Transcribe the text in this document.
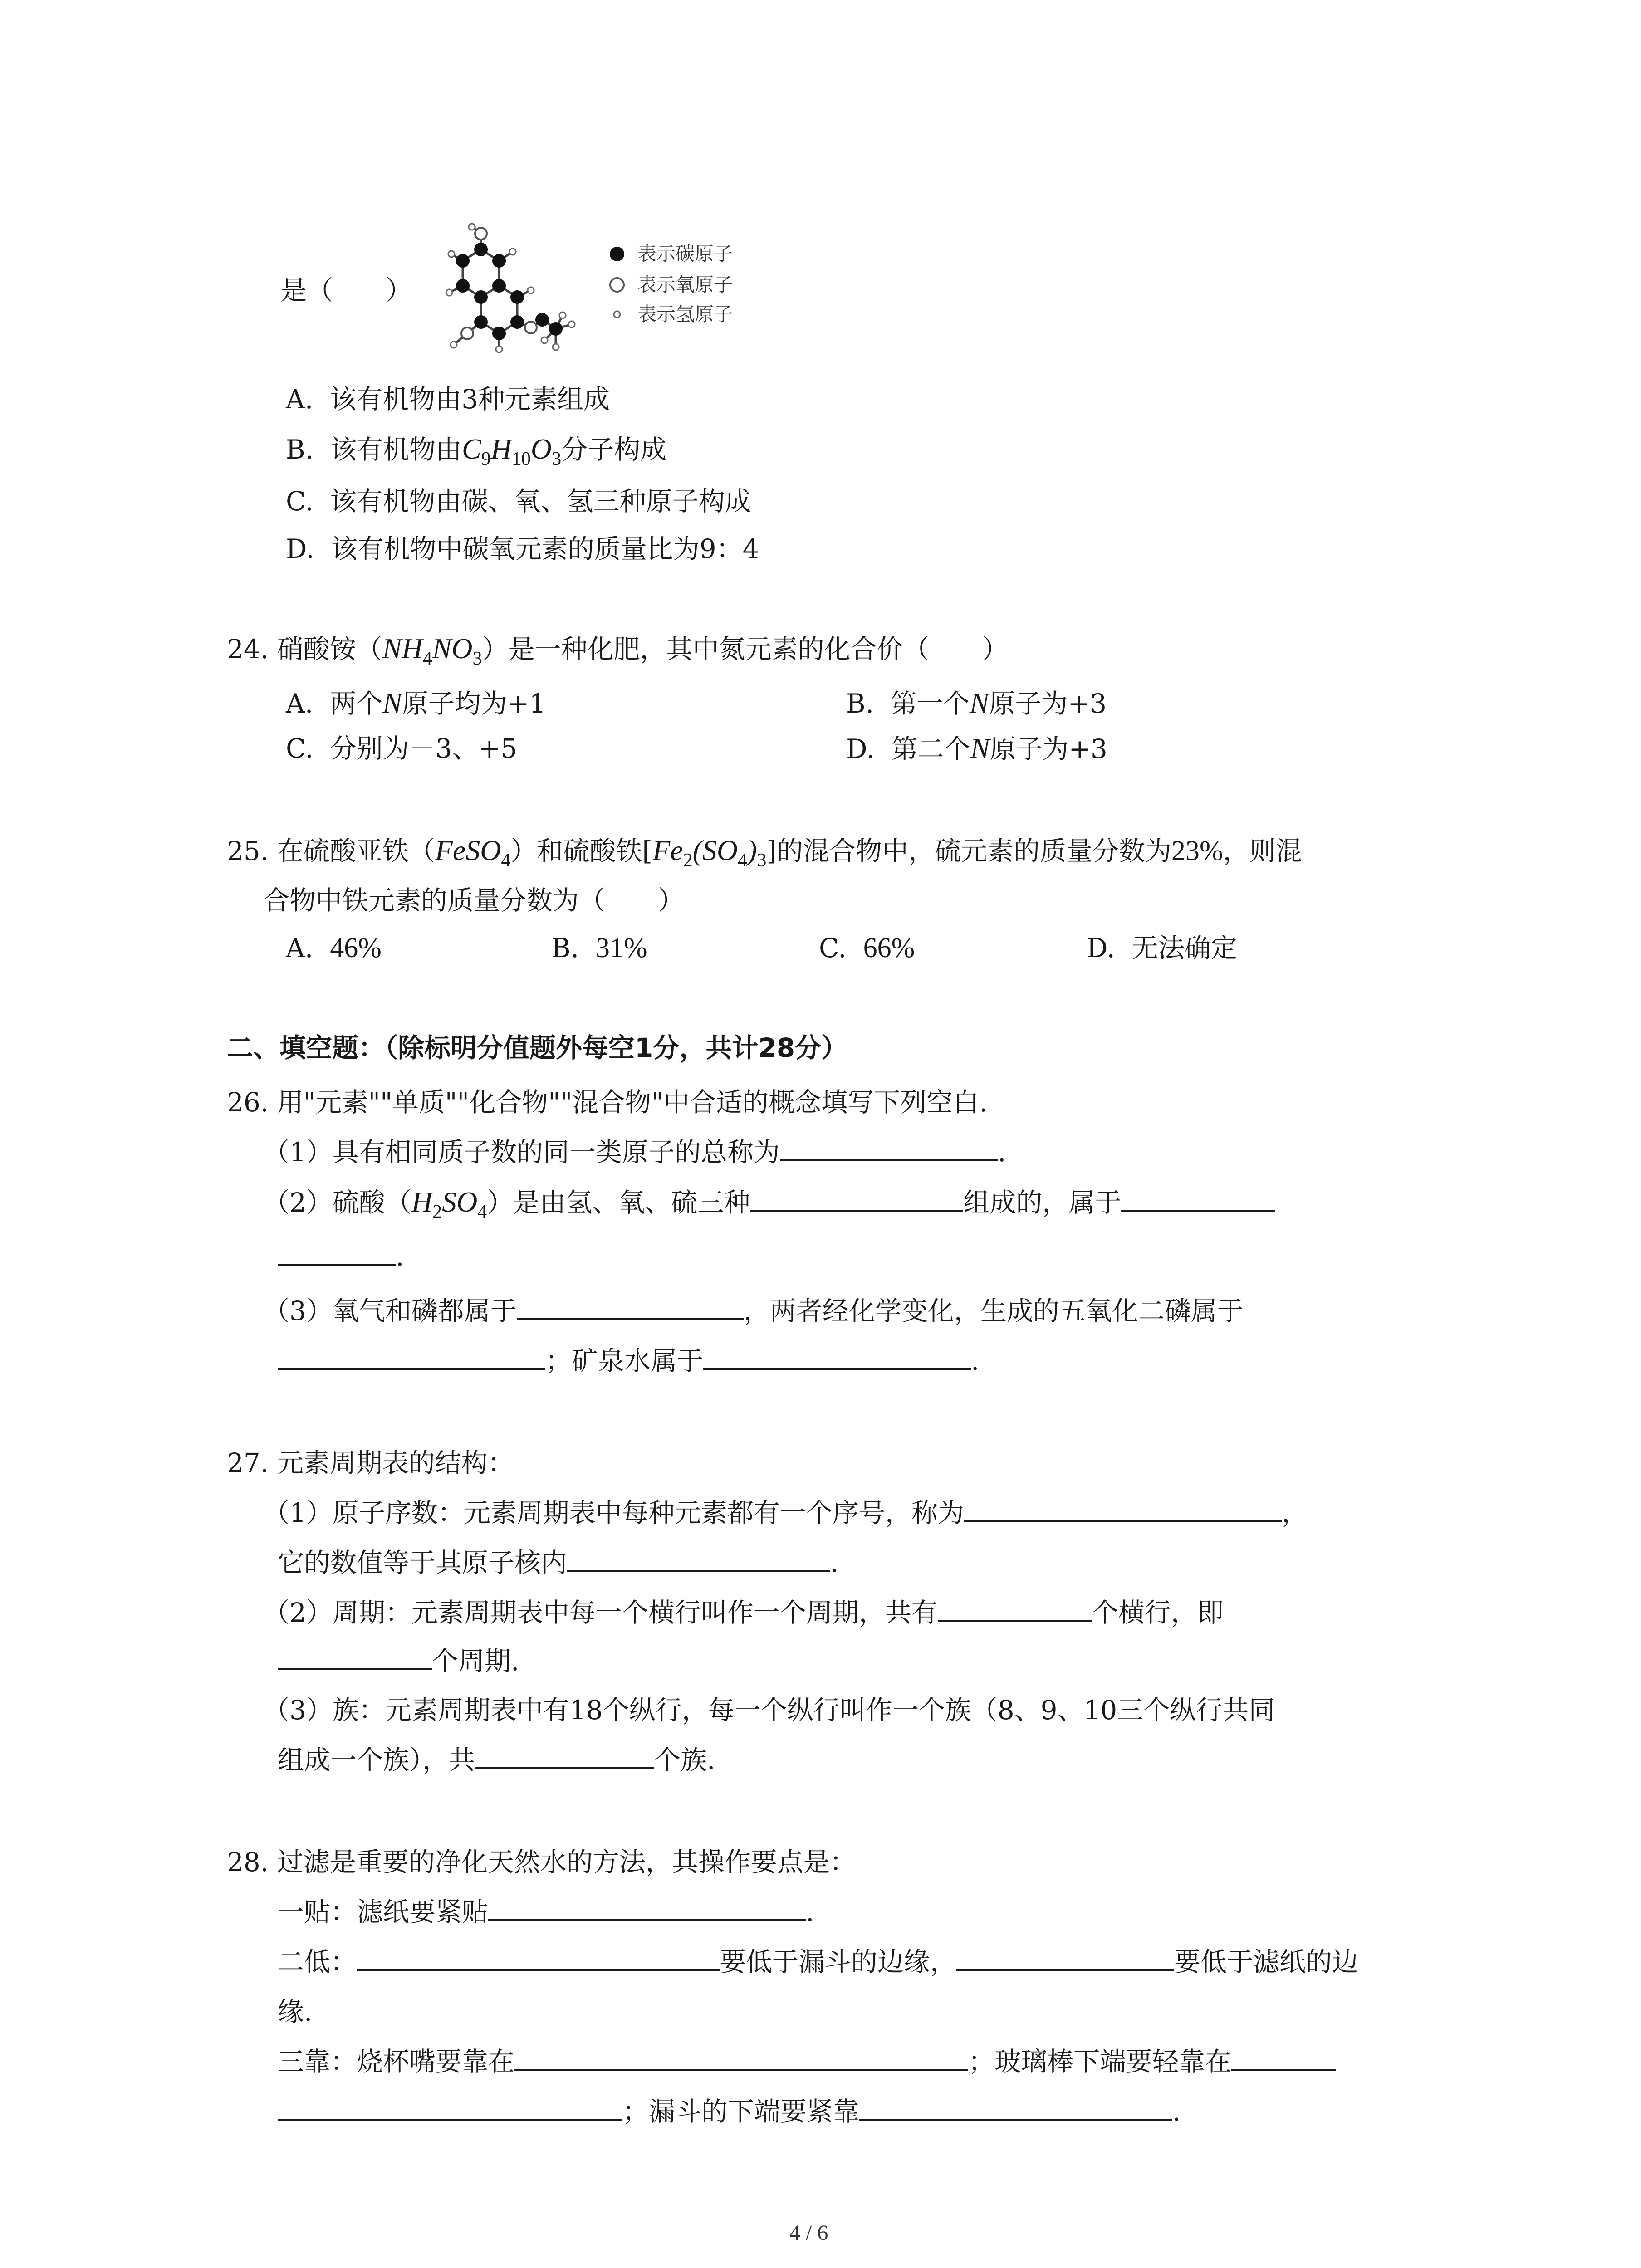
是（　　）
表示碳原子
表示氧原子
表示氢原子
A. 该有机物由3种元素组成
B. 该有机物由$C_9H_{10}O_3$分子构成
C. 该有机物由碳、氧、氢三种原子构成
D. 该有机物中碳氧元素的质量比为9：4
24. 硝酸铵$(NH_4NO_3)$是一种化肥，其中氮元素的化合价（　　）
A. 两个N原子均为+1	B. 第一个N原子为+3
C. 分别为－3、+5	D. 第二个N原子为+3
25. 在硫酸亚铁（FeSO$_4$）和硫酸铁$[Fe_2(SO_4)_3]$的混合物中，硫元素的质量分数为23%，则混
合物中铁元素的质量分数为（　　）
A. 46%	B. 31%	C. 66%	D. 无法确定
二、填空题：（除标明分值题外每空1分，共计28分）
26. 用"元素""单质""化合物""混合物"中合适的概念填写下列空白.
（1）具有相同质子数的同一类原子的总称为	.
（2）硫酸$(H_2SO_4)$是由氢、氧、硫三种	组成的，属于
.
（3）氧气和磷都属于	，两者经化学变化，生成的五氧化二磷属于
；矿泉水属于	.
27. 元素周期表的结构：
（1）原子序数：元素周期表中每种元素都有一个序号，称为	，
它的数值等于其原子核内	.
（2）周期：元素周期表中每一个横行叫作一个周期，共有	个横行，即
个周期.
（3）族：元素周期表中有18个纵行，每一个纵行叫作一个族（8、9、10三个纵行共同
组成一个族），共	个族.
28. 过滤是重要的净化天然水的方法，其操作要点是：
一贴：滤纸要紧贴	.
二低：	要低于漏斗的边缘，	要低于滤纸的边
缘.
三靠：烧杯嘴要靠在	；玻璃棒下端要轻靠在
；漏斗的下端要紧靠	.
4 / 6
